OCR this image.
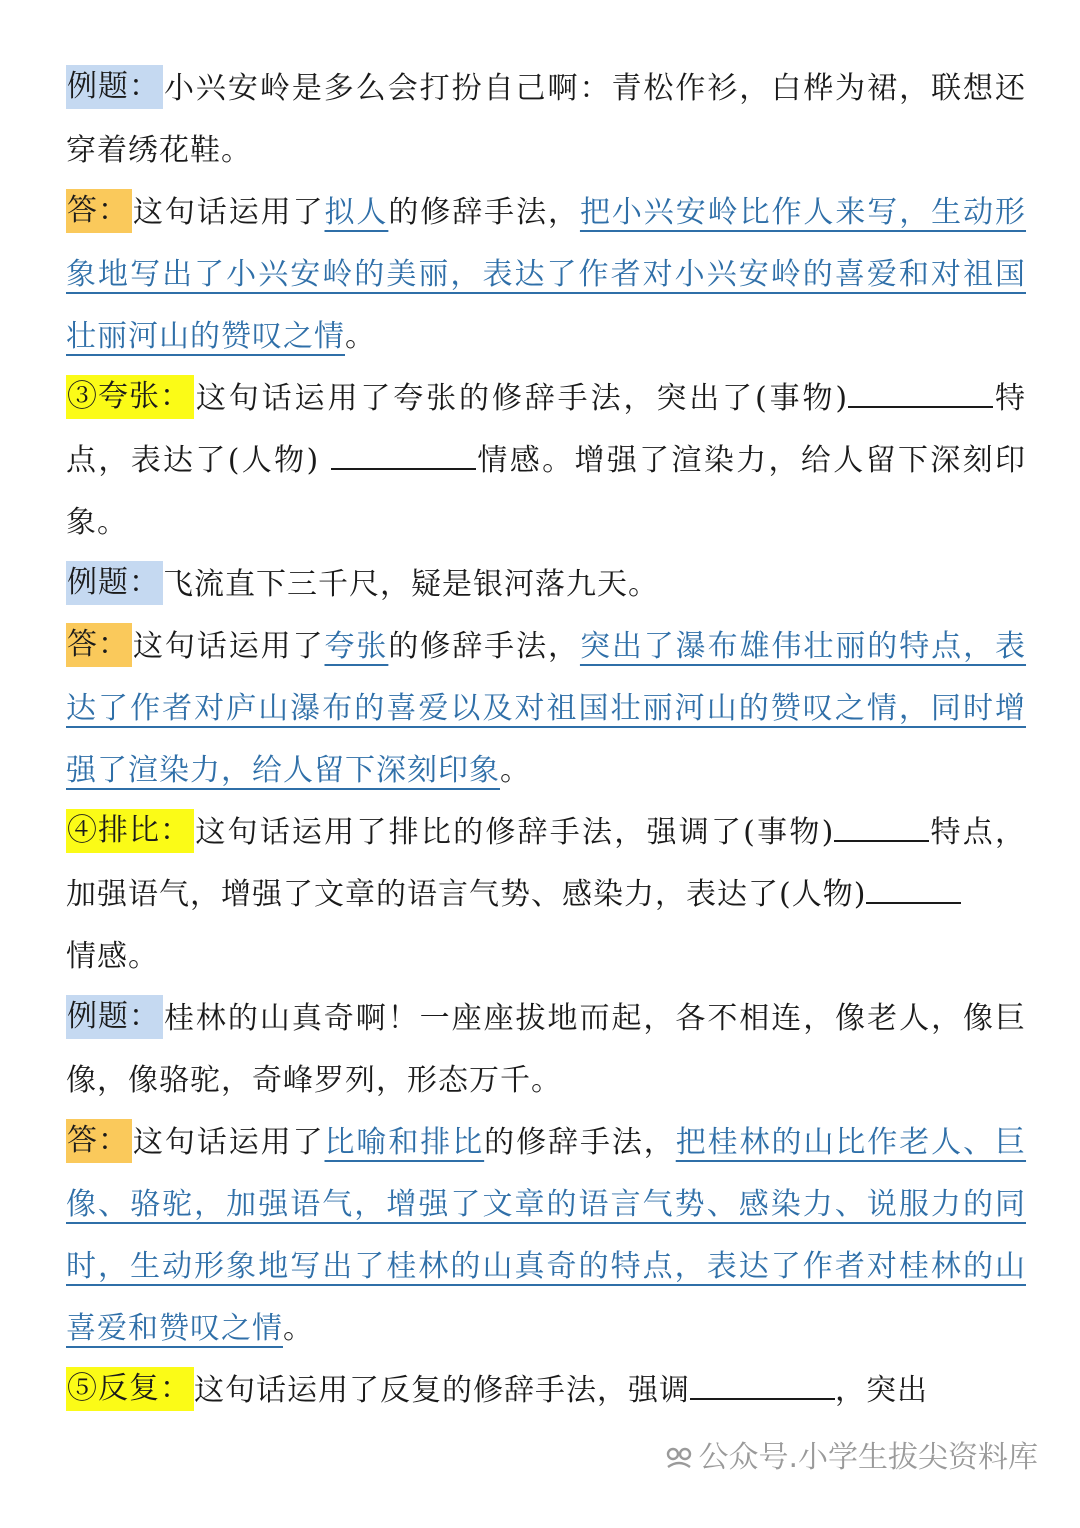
例题： 小兴安岭是多么会打扮自己啊：青松作衫，白桦为裙，联想还穿着绣花鞋。

答： 这句话运用了拟人的修辞手法，把小兴安岭比作人来写，生动形象地写出了小兴安岭的美丽，表达了作者对小兴安岭的喜爱和对祖国壮丽河山的赞叹之情。

③夸张： 这句话运用了夸张的修辞手法，突出了(事物)	特点，表达了(人物)	情感。增强了渲染力，给人留下深刻印象。

例题： 飞流直下三千尺，疑是银河落九天。

答： 这句话运用了夸张的修辞手法，突出了瀑布雄伟壮丽的特点，表达了作者对庐山瀑布的喜爱以及对祖国壮丽河山的赞叹之情，同时增强了渲染力，给人留下深刻印象。

④排比： 这句话运用了排比的修辞手法，强调了(事物)	特点，加强语气，增强了文章的语言气势、感染力，表达了(人物)
情感。

例题： 桂林的山真奇啊！一座座拔地而起，各不相连，像老人，像巨像，像骆驼，奇峰罗列，形态万千。

答： 这句话运用了比喻和排比的修辞手法，把桂林的山比作老人、巨像、骆驼，加强语气，增强了文章的语言气势、感染力、说服力的同时，生动形象地写出了桂林的山真奇的特点，表达了作者对桂林的山喜爱和赞叹之情。

⑤反复： 这句话运用了反复的修辞手法，强调	，突出

公众号.小学生拔尖资料库
